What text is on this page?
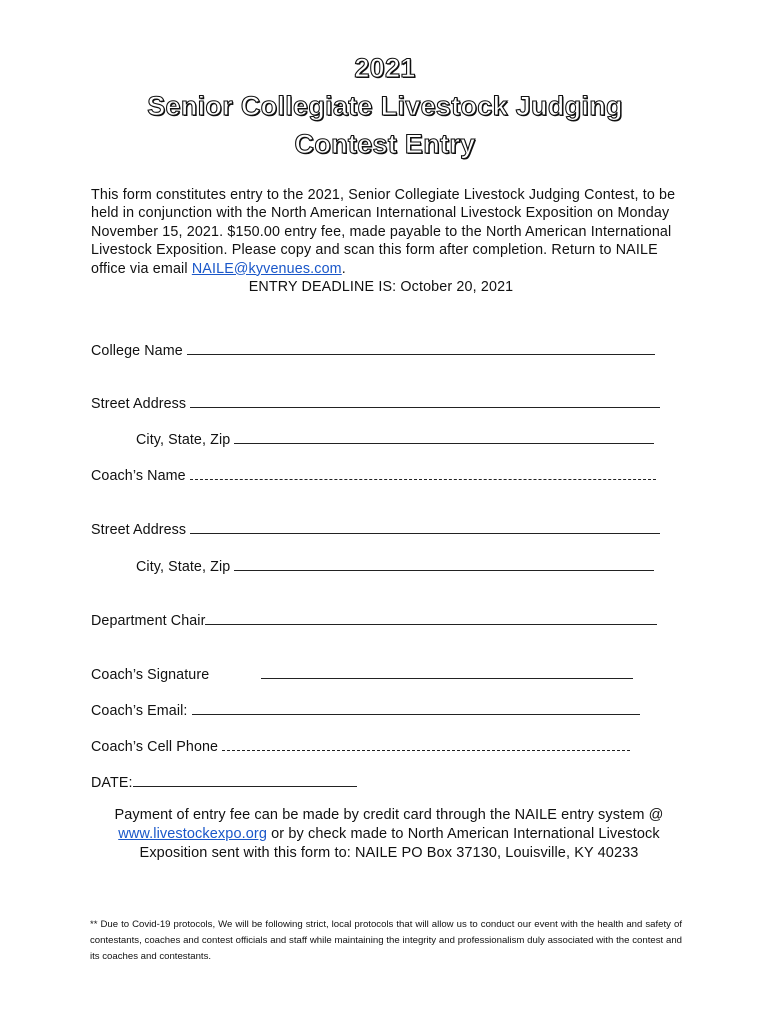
2021
Senior Collegiate Livestock Judging
Contest Entry
This form constitutes entry to the 2021, Senior Collegiate Livestock Judging Contest, to be held in conjunction with the North American International Livestock Exposition on Monday November 15, 2021. $150.00 entry fee, made payable to the North American International Livestock Exposition. Please copy and scan this form after completion. Return to NAILE office via email NAILE@kyvenues.com.
ENTRY DEADLINE IS: October 20, 2021
College Name
Street Address
City, State, Zip
Coach’s Name
Street Address
City, State, Zip
Department Chair
Coach’s Signature
Coach’s Email:
Coach’s Cell Phone
DATE:
Payment of entry fee can be made by credit card through the NAILE entry system @ www.livestockexpo.org or by check made to North American International Livestock Exposition sent with this form to: NAILE PO Box 37130, Louisville, KY 40233
** Due to Covid-19 protocols, We will be following strict, local protocols that will allow us to conduct our event with the health and safety of contestants, coaches and contest officials and staff while maintaining the integrity and professionalism duly associated with the contest and its coaches and contestants.
